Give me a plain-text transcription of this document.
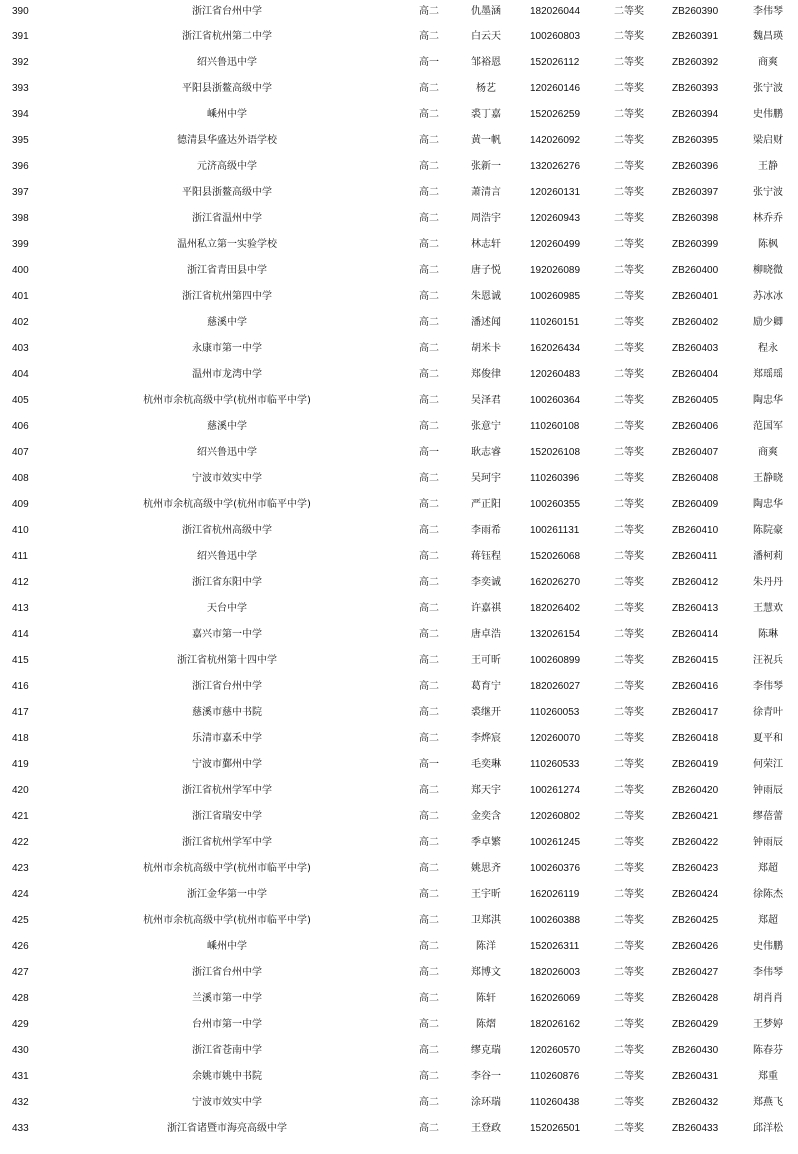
390	浙江省台州中学	高二	仇墨涵	182026044	二等奖	ZB260390	李伟琴
391	浙江省杭州第二中学	高二	白云天	100260803	二等奖	ZB260391	魏昌瑛
392	绍兴鲁迅中学	高一	邹裕恩	152026112	二等奖	ZB260392	商爽
393	平阳县浙鳌高级中学	高二	杨艺	120260146	二等奖	ZB260393	张宁波
394	嵊州中学	高二	裘丁嘉	152026259	二等奖	ZB260394	史伟鹏
395	德清县华盛达外语学校	高二	黄一帆	142026092	二等奖	ZB260395	梁启财
396	元济高级中学	高二	张新一	132026276	二等奖	ZB260396	王静
397	平阳县浙鳌高级中学	高二	萧清言	120260131	二等奖	ZB260397	张宁波
398	浙江省温州中学	高二	周浩宇	120260943	二等奖	ZB260398	林乔乔
399	温州私立第一实验学校	高二	林志轩	120260499	二等奖	ZB260399	陈枫
400	浙江省青田县中学	高二	唐子悦	192026089	二等奖	ZB260400	柳晓微
401	浙江省杭州第四中学	高二	朱恩诚	100260985	二等奖	ZB260401	苏冰冰
402	慈溪中学	高二	潘述闻	110260151	二等奖	ZB260402	励少卿
403	永康市第一中学	高二	胡米卡	162026434	二等奖	ZB260403	程永
404	温州市龙湾中学	高二	郑俊律	120260483	二等奖	ZB260404	郑瑶瑶
405	杭州市余杭高级中学(杭州市临平中学)	高二	吴泽君	100260364	二等奖	ZB260405	陶忠华
406	慈溪中学	高二	张意宁	110260108	二等奖	ZB260406	范国军
407	绍兴鲁迅中学	高一	耿志睿	152026108	二等奖	ZB260407	商爽
408	宁波市效实中学	高二	吴珂宇	110260396	二等奖	ZB260408	王静晓
409	杭州市余杭高级中学(杭州市临平中学)	高二	严正阳	100260355	二等奖	ZB260409	陶忠华
410	浙江省杭州高级中学	高二	李雨希	100261131	二等奖	ZB260410	陈院豪
411	绍兴鲁迅中学	高二	蒋钰程	152026068	二等奖	ZB260411	潘柯莉
412	浙江省东阳中学	高二	李奕诚	162026270	二等奖	ZB260412	朱丹丹
413	天台中学	高二	许嘉祺	182026402	二等奖	ZB260413	王慧欢
414	嘉兴市第一中学	高二	唐卓浩	132026154	二等奖	ZB260414	陈琳
415	浙江省杭州第十四中学	高二	王可昕	100260899	二等奖	ZB260415	汪祝兵
416	浙江省台州中学	高二	葛育宁	182026027	二等奖	ZB260416	李伟琴
417	慈溪市慈中书院	高二	裘继开	110260053	二等奖	ZB260417	徐青叶
418	乐清市嘉禾中学	高二	李烨宸	120260070	二等奖	ZB260418	夏平和
419	宁波市鄞州中学	高一	毛奕琳	110260533	二等奖	ZB260419	何荣江
420	浙江省杭州学军中学	高二	郑天宇	100261274	二等奖	ZB260420	钟雨辰
421	浙江省瑞安中学	高二	金奕含	120260802	二等奖	ZB260421	缪蓓蕾
422	浙江省杭州学军中学	高二	季卓繁	100261245	二等奖	ZB260422	钟雨辰
423	杭州市余杭高级中学(杭州市临平中学)	高二	姚思齐	100260376	二等奖	ZB260423	郑超
424	浙江金华第一中学	高二	王宇昕	162026119	二等奖	ZB260424	徐陈杰
425	杭州市余杭高级中学(杭州市临平中学)	高二	卫郑淇	100260388	二等奖	ZB260425	郑超
426	嵊州中学	高二	陈洋	152026311	二等奖	ZB260426	史伟鹏
427	浙江省台州中学	高二	郑博文	182026003	二等奖	ZB260427	李伟琴
428	兰溪市第一中学	高二	陈轩	162026069	二等奖	ZB260428	胡肖肖
429	台州市第一中学	高二	陈熠	182026162	二等奖	ZB260429	王梦婷
430	浙江省苍南中学	高二	缪克瑞	120260570	二等奖	ZB260430	陈春芬
431	余姚市姚中书院	高二	李谷一	110260876	二等奖	ZB260431	郑重
432	宁波市效实中学	高二	涂环瑞	110260438	二等奖	ZB260432	郑燕飞
433	浙江省诸暨市海亮高级中学	高二	王登政	152026501	二等奖	ZB260433	邱洋松
